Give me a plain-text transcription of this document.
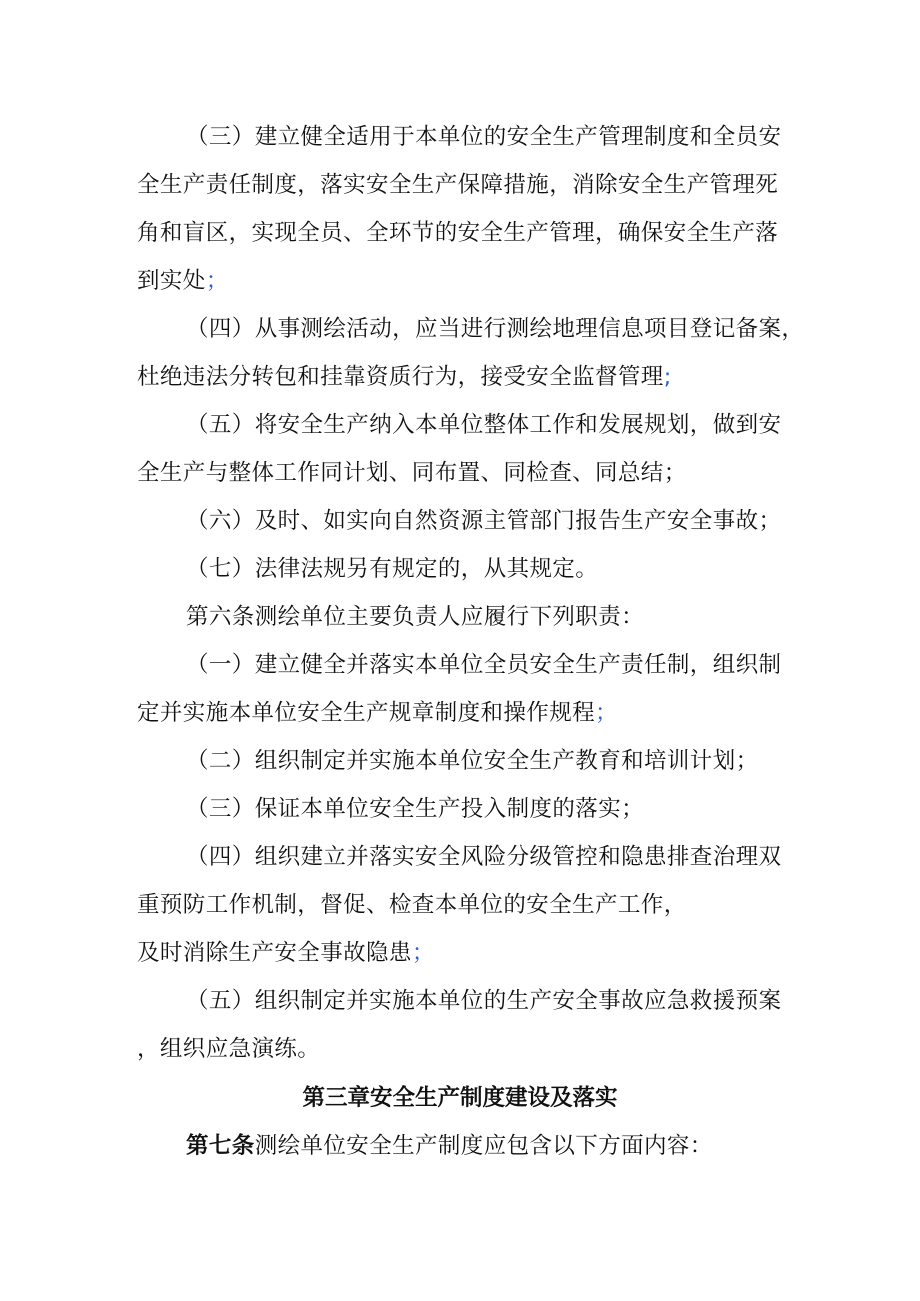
（三）建立健全适用于本单位的安全生产管理制度和全员安
全生产责任制度，落实安全生产保障措施，消除安全生产管理死
角和盲区，实现全员、全环节的安全生产管理，确保安全生产落
到实处；
（四）从事测绘活动，应当进行测绘地理信息项目登记备案，
杜绝违法分转包和挂靠资质行为，接受安全监督管理;
（五）将安全生产纳入本单位整体工作和发展规划，做到安
全生产与整体工作同计划、同布置、同检查、同总结；
（六）及时、如实向自然资源主管部门报告生产安全事故；
（七）法律法规另有规定的，从其规定。
第六条测绘单位主要负责人应履行下列职责：
（一）建立健全并落实本单位全员安全生产责任制，组织制
定并实施本单位安全生产规章制度和操作规程；
（二）组织制定并实施本单位安全生产教育和培训计划；
（三）保证本单位安全生产投入制度的落实；
（四）组织建立并落实安全风险分级管控和隐患排查治理双
重预防工作机制，督促、检查本单位的安全生产工作，
及时消除生产安全事故隐患；
（五）组织制定并实施本单位的生产安全事故应急救援预案
，组织应急演练。
第三章安全生产制度建设及落实
第七条测绘单位安全生产制度应包含以下方面内容：
